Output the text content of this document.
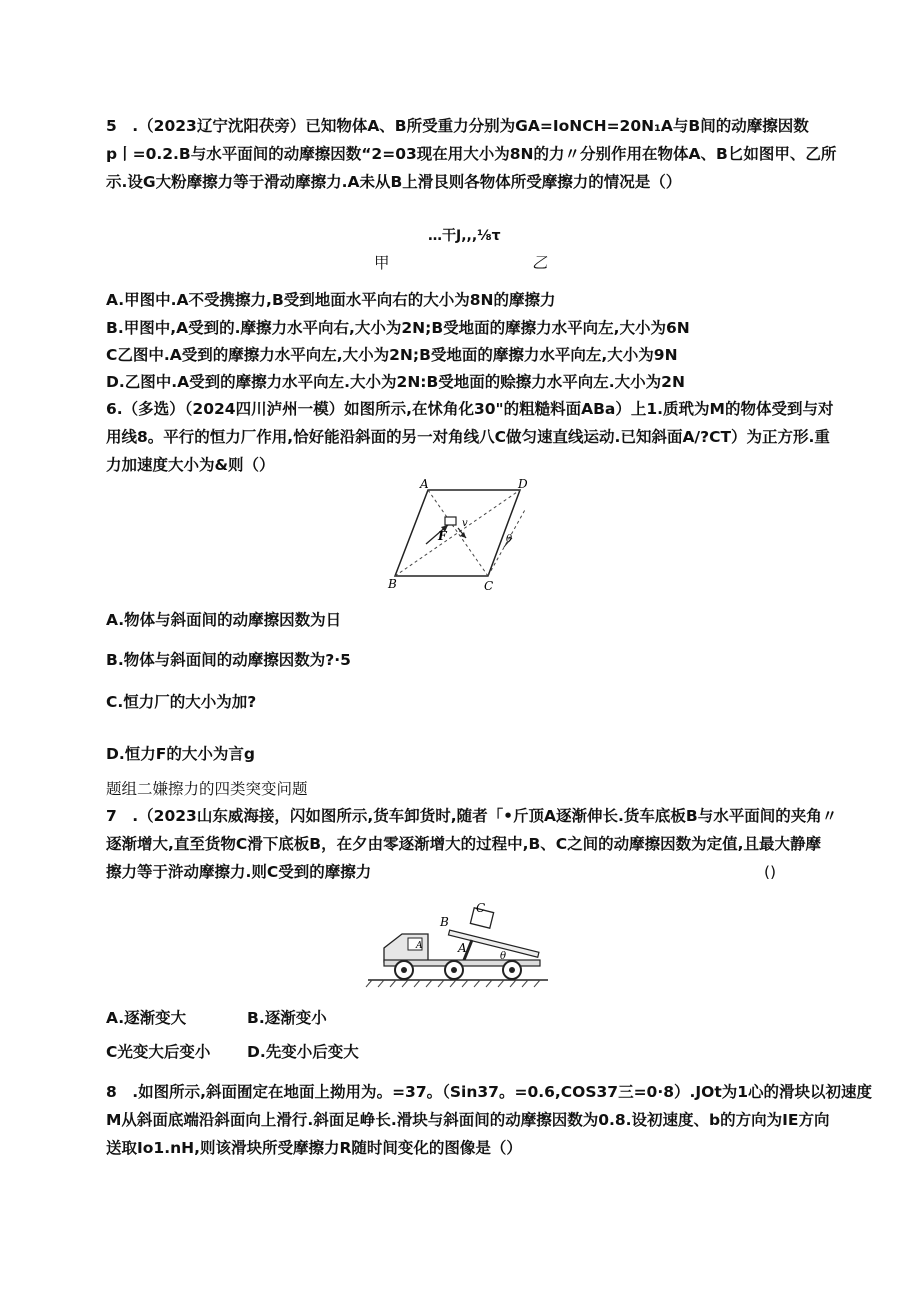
5　.（2023辽宁沈阳茯旁）已知物体A、B所受重力分别为GA=IoNCH=20N₁A与B间的动摩擦因数
p丨=0.2.B与水平面间的动摩擦因数“2=03现在用大小为8N的力〃分别作用在物体A、B匕如图甲、乙所
示.设G大粉摩擦力等于滑动摩擦力.A未从B上滑艮则各物体所受摩擦力的情况是（）
…干J,,,⅛τ
甲	乙
A.甲图中.A不受携擦力,B受到地面水平向右的大小为8N的摩擦力
B.甲图中,A受到的.摩擦力水平向右,大小为2N;B受地面的摩擦力水平向左,大小为6N
C乙图中.A受到的摩擦力水平向左,大小为2N;B受地面的摩擦力水平向左,大小为9N
D.乙图中.A受到的摩擦力水平向左.大小为2N:B受地面的赊擦力水平向左.大小为2N
6.（多选）（2024四川泸州一模）如图所示,在怵角化30"的粗糙料面ABa）上1.质玳为M的物体受到与对
用线8。平行的恒力厂作用,恰好能沿斜面的另一对角线八C做匀速直线运动.已知斜面A/?CT）为正方形.重
力加速度大小为&则（）
A	D
B	C
F
v
θ
A.物体与斜面间的动摩擦因数为日
B.物体与斜面间的动摩擦因数为?·5
C.恒力厂的大小为加?
D.恒力F的大小为言g
题组二嫌擦力的四类突变问题
7　.（2023山东威海接，闪如图所示,货车卸货时,随者「•斤顶A逐渐伸长.货车底板B与水平面间的夹角〃
逐渐增大,直至货物C滑下底板B，在夕由零逐渐增大的过程中,B、C之间的动摩擦因数为定值,且最大静摩
擦力等于浒动摩擦力.则C受到的摩擦力	()
A
B
C
A
θ
A.逐渐变大	B.逐渐变小
C光变大后变小 D.先变小后变大
8　.如图所示,斜面囿定在地面上拗用为。=37。（Sin37。=0.6,COS37三=0·8）.JOt为1心的滑块以初速度
M从斜面底端沿斜面向上滑行.斜面足峥长.滑块与斜面间的动摩擦因数为0.8.设初速度、b的方向为IE方向
送取Io1.nH,则该滑块所受摩擦力R随时间变化的图像是（）
